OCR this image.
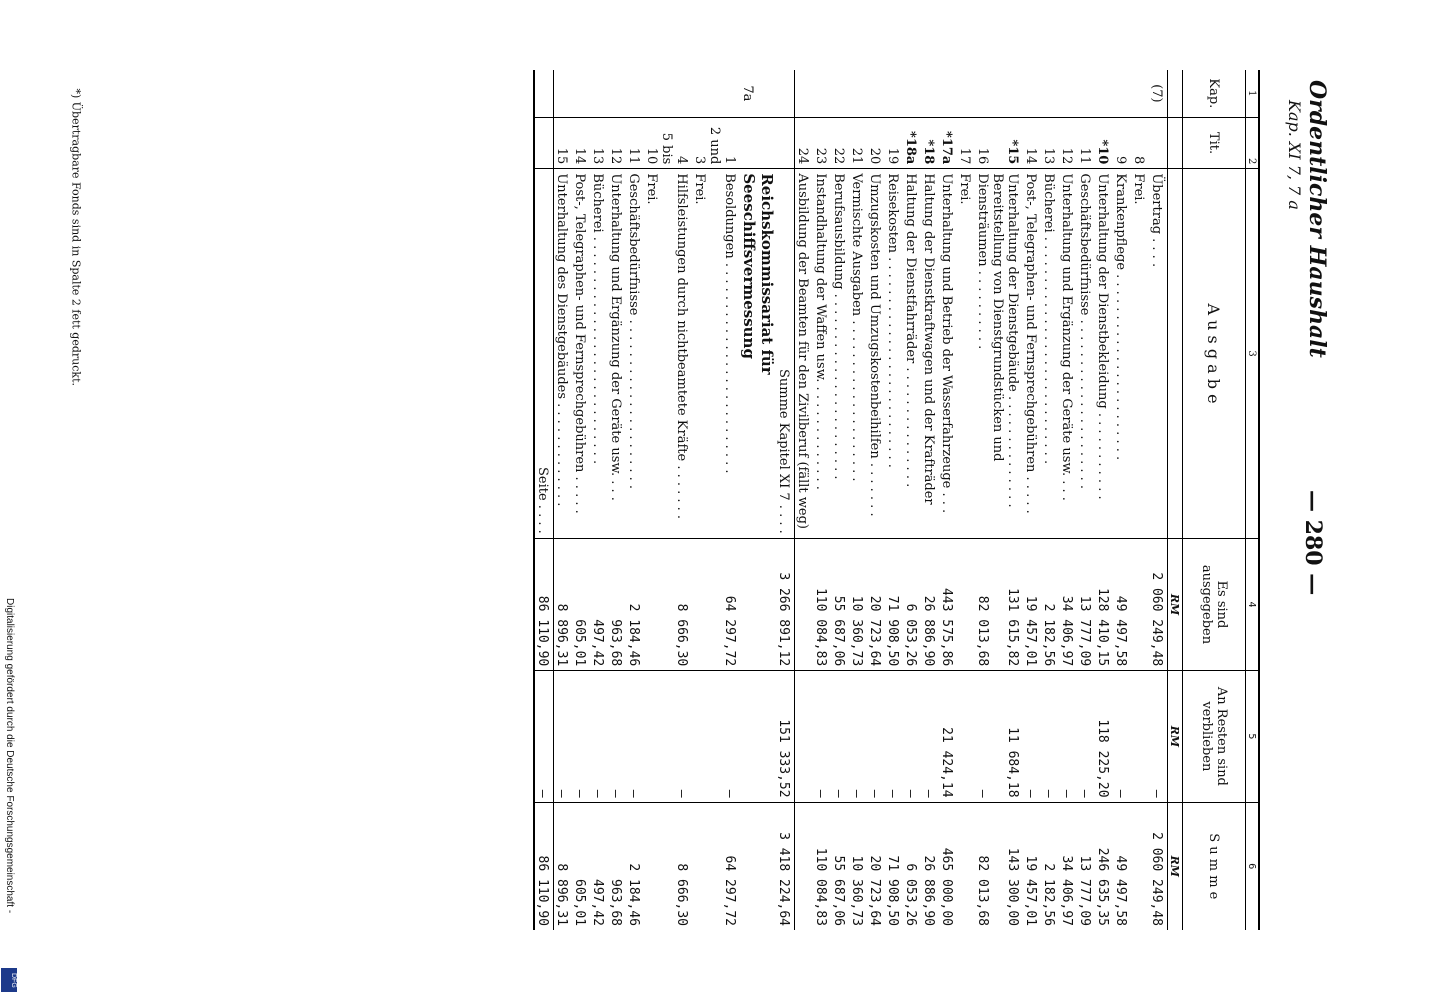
Ordentlicher Haushalt
Kap. XI 7, 7 a
— 280 —
1	2	3	4	5	6
Kap.	Tit.	A u s g a b e	Es sind ausgegeben	An Resten sind verblieben	S u m m e
			RM	RM	RM
(7)		Übertrag . . . .	2 060 249,48	—	2 060 249,48
	8	Frei.			
	9	Krankenpflege . . . . . . . . . . . . . . . . . . . . . . .	49 497,58	—	49 497,58
	*10	Unterhaltung der Dienstbekleidung . . . . . . . . . . .	128 410,15	118 225,20	246 635,35
	11	Geschäftsbedürfnisse . . . . . . . . . . . . . . . . . . . . .	13 777,09	—	13 777,09
	12	Unterhaltung und Ergänzung der Geräte usw. . . .	34 406,97	—	34 406,97
	13	Bücherei . . . . . . . . . . . . . . . . . . . . . . . . . . . .	2 182,56	—	2 182,56
	14	Post-, Telegraphen- und Fernsprechgebühren . . . . .	19 457,01	—	19 457,01
	*15	Unterhaltung der Dienstgebäude . . . . . . . . . . . . . .	131 615,82	11 684,18	143 300,00
	16	Bereitstellung von Dienstgrundstücken und Diensträumen . . . . . . . . . .	82 013,68	—	82 013,68
	17	Frei.			
	*17a	Unterhaltung und Betrieb der Wasserfahrzeuge . . .	443 575,86	21 424,14	465 000,00
	*18	Haltung der Dienstkraftwagen und der Krafträder	26 886,90	—	26 886,90
	*18a	Haltung der Dienstfahrräder . . . . . . . . . . . . . . .	6 053,26	—	6 053,26
	19	Reisekosten . . . . . . . . . . . . . . . . . . . . . . . . . .	71 908,50	—	71 908,50
	20	Umzugskosten und Umzugskostenbeihilfen . . . . . . .	20 723,64	—	20 723,64
	21	Vermischte Ausgaben . . . . . . . . . . . . . . . . . . . .	10 360,73	—	10 360,73
	22	Berufsausbildung . . . . . . . . . . . . . . . . . . . . . . .	55 687,06	—	55 687,06
	23	Instandhaltung der Waffen usw. . . . . . . . . . . . . .	110 084,83	—	110 084,83
	24	Ausbildung der Beamten für den Zivilberuf (fällt weg)			
		Summe Kapitel XI 7 . . . .	3 266 891,12	151 333,52	3 418 224,64
7a		Reichskommissariat für Seeschiffsvermessung			
	1	Besoldungen . . . . . . . . . . . . . . . . . . . . . . . . . .	64 297,72	—	64 297,72
	2 und 3	Frei.			
	4	Hilfsleistungen durch nichtbeamtete Kräfte . . . . . . .	8 666,30	—	8 666,30
	5 bis 10	Frei.			
	11	Geschäftsbedürfnisse . . . . . . . . . . . . . . . . . . . . .	2 184,46	—	2 184,46
	12	Unterhaltung und Ergänzung der Geräte usw. . . .	963,68	—	963,68
	13	Bücherei . . . . . . . . . . . . . . . . . . . . . . . . . . . .	497,42	—	497,42
	14	Post-, Telegraphen- und Fernsprechgebühren . . . . .	605,01	—	605,01
	15	Unterhaltung des Dienstgebäudes . . . . . . . . . . . . .	8 896,31	—	8 896,31
		Seite . . . .	86 110,90	—	86 110,90
*) Übertragbare Fonds sind in Spalte 2 fett gedruckt.
Digitalisierung gefördert durch die Deutsche Forschungsgemeinschaft -
DFG
